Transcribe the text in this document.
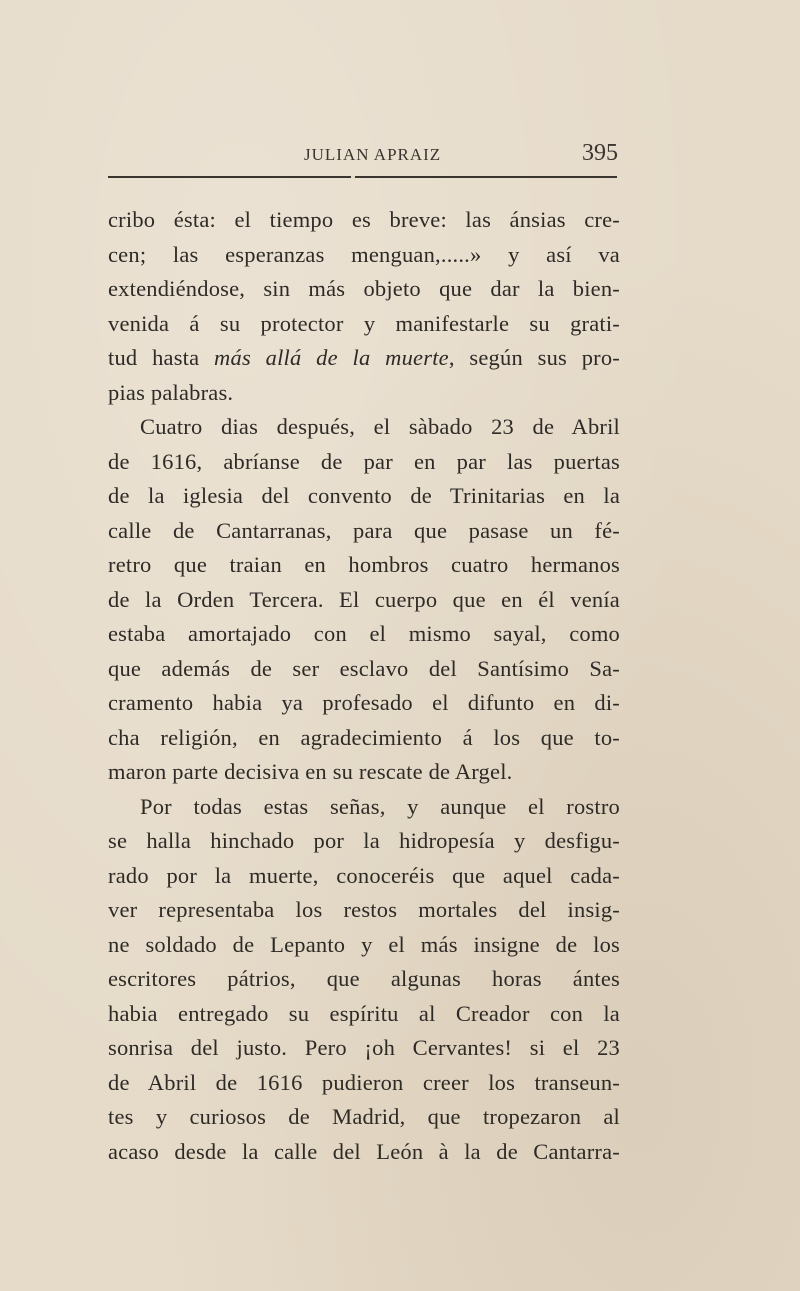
JULIAN APRAIZ	395
cribo ésta: el tiempo es breve: las ánsias cre-
cen; las esperanzas menguan,.....» y así va
extendiéndose, sin más objeto que dar la bien-
venida á su protector y manifestarle su grati-
tud hasta más allá de la muerte, según sus pro-
pias palabras.
Cuatro dias después, el sàbado 23 de Abril
de 1616, abríanse de par en par las puertas
de la iglesia del convento de Trinitarias en la
calle de Cantarranas, para que pasase un fé-
retro que traian en hombros cuatro hermanos
de la Orden Tercera. El cuerpo que en él venía
estaba amortajado con el mismo sayal, como
que además de ser esclavo del Santísimo Sa-
cramento habia ya profesado el difunto en di-
cha religión, en agradecimiento á los que to-
maron parte decisiva en su rescate de Argel.
Por todas estas señas, y aunque el rostro
se halla hinchado por la hidropesía y desfigu-
rado por la muerte, conoceréis que aquel cada-
ver representaba los restos mortales del insig-
ne soldado de Lepanto y el más insigne de los
escritores pátrios, que algunas horas ántes
habia entregado su espíritu al Creador con la
sonrisa del justo. Pero ¡oh Cervantes! si el 23
de Abril de 1616 pudieron creer los transeun-
tes y curiosos de Madrid, que tropezaron al
acaso desde la calle del León à la de Cantarra-
